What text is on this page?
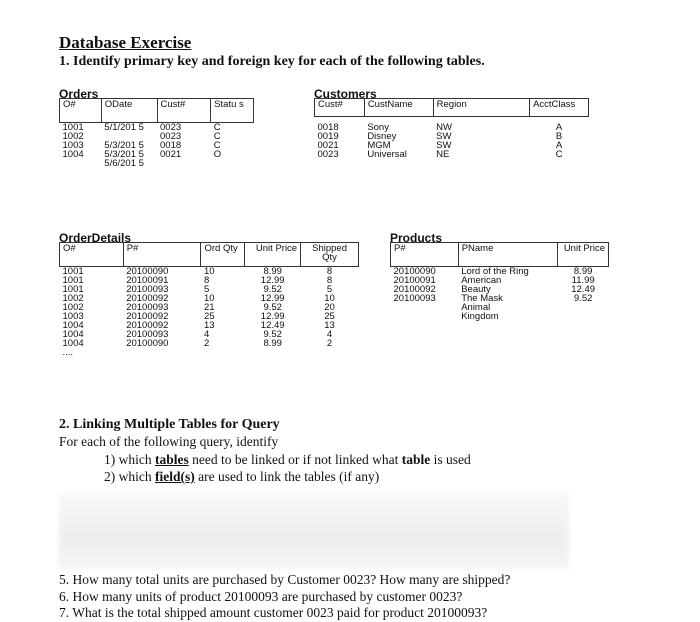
Database Exercise
1. Identify primary key and foreign key for each of the following tables.
Orders
O#	ODate	Cust#	Statu s
1001	5/1/201 5	0023	C
1002		0023	C
1003	5/3/201 5	0018	C
1004	5/3/201 5	0021	O
	5/6/201 5		
Customers
Cust#	CustName	Region	AcctClass

0018	Sony	NW	A
0019	Disney	SW	B
0021	MGM	SW	A
0023	Universal	NE	C
OrderDetails
O#	P#	Ord Qty	Unit Price	Shipped Qty
1001	20100090	10	8.99	8
1001	20100091	8	12.99	8
1001	20100093	5	9.52	5
1002	20100092	10	12.99	10
1002	20100093	21	9.52	20
1003	20100092	25	12.99	25
1004	20100092	13	12.49	13
1004	20100093	4	9.52	4
1004	20100090	2	8.99	2
....				
Products
P#	PName	Unit Price
20100090	Lord of the Ring	8.99
20100091	American	11.99
20100092	Beauty	12.49
20100093	The Mask	9.52
	Animal	
	Kingdom	
2. Linking Multiple Tables for Query
For each of the following query, identify
1) which tables need to be linked or if not linked what table is used
2) which field(s) are used to link the tables (if any)
5. How many total units are purchased by Customer 0023? How many are shipped?
6. How many units of product 20100093 are purchased by customer 0023?
7. What is the total shipped amount customer 0023 paid for product 20100093?
